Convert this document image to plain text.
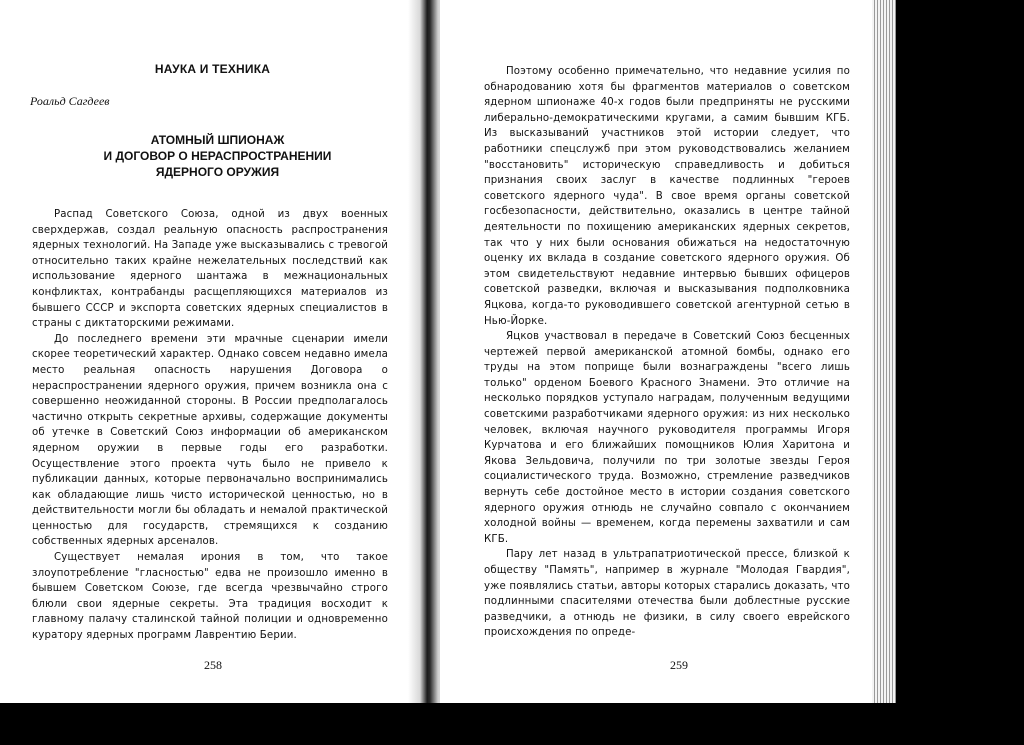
НАУКА И ТЕХНИКА
Роальд Сагдеев
АТОМНЫЙ ШПИОНАЖ
И ДОГОВОР О НЕРАСПРОСТРАНЕНИИ
ЯДЕРНОГО ОРУЖИЯ

Распад Советского Союза, одной из двух военных сверхдержав, создал реальную опасность распространения ядерных технологий. На Западе уже высказывались с тревогой относительно таких крайне нежелательных последствий как использование ядерного шантажа в межнациональных конфликтах, контрабанды расщепляющихся материалов из бывшего СССР и экспорта советских ядерных специалистов в страны с диктаторскими режимами.

До последнего времени эти мрачные сценарии имели скорее теоретический характер. Однако совсем недавно имела место реальная опасность нарушения Договора о нераспространении ядерного оружия, причем возникла она с совершенно неожиданной стороны. В России предполагалось частично открыть секретные архивы, содержащие документы об утечке в Советский Союз информации об американском ядерном оружии в первые годы его разработки. Осуществление этого проекта чуть было не привело к публикации данных, которые первоначально воспринимались как обладающие лишь чисто исторической ценностью, но в действительности могли бы обладать и немалой практической ценностью для государств, стремящихся к созданию собственных ядерных арсеналов.

Существует немалая ирония в том, что такое злоупотребление "гласностью" едва не произошло именно в бывшем Советском Союзе, где всегда чрезвычайно строго блюли свои ядерные секреты. Эта традиция восходит к главному палачу сталинской тайной полиции и одновременно куратору ядерных программ Лаврентию Берии.

258

Поэтому особенно примечательно, что недавние усилия по обнародованию хотя бы фрагментов материалов о советском ядерном шпионаже 40-х годов были предприняты не русскими либерально-демократическими кругами, а самим бывшим КГБ. Из высказываний участников этой истории следует, что работники спецслужб при этом руководствовались желанием "восстановить" историческую справедливость и добиться признания своих заслуг в качестве подлинных "героев советского ядерного чуда". В свое время органы советской госбезопасности, действительно, оказались в центре тайной деятельности по похищению американских ядерных секретов, так что у них были основания обижаться на недостаточную оценку их вклада в создание советского ядерного оружия. Об этом свидетельствуют недавние интервью бывших офицеров советской разведки, включая и высказывания подполковника Яцкова, когда-то руководившего советской агентурной сетью в Нью-Йорке.

Яцков участвовал в передаче в Советский Союз бесценных чертежей первой американской атомной бомбы, однако его труды на этом поприще были вознаграждены "всего лишь только" орденом Боевого Красного Знамени. Это отличие на несколько порядков уступало наградам, полученным ведущими советскими разработчиками ядерного оружия: из них несколько человек, включая научного руководителя программы Игоря Курчатова и его ближайших помощников Юлия Харитона и Якова Зельдовича, получили по три золотые звезды Героя социалистического труда. Возможно, стремление разведчиков вернуть себе достойное место в истории создания советского ядерного оружия отнюдь не случайно совпало с окончанием холодной войны — временем, когда перемены захватили и сам КГБ.

Пару лет назад в ультрапатриотической прессе, близкой к обществу "Память", например в журнале "Молодая Гвардия", уже появлялись статьи, авторы которых старались доказать, что подлинными спасителями отечества были доблестные русские разведчики, а отнюдь не физики, в силу своего еврейского происхождения по опреде-

259
